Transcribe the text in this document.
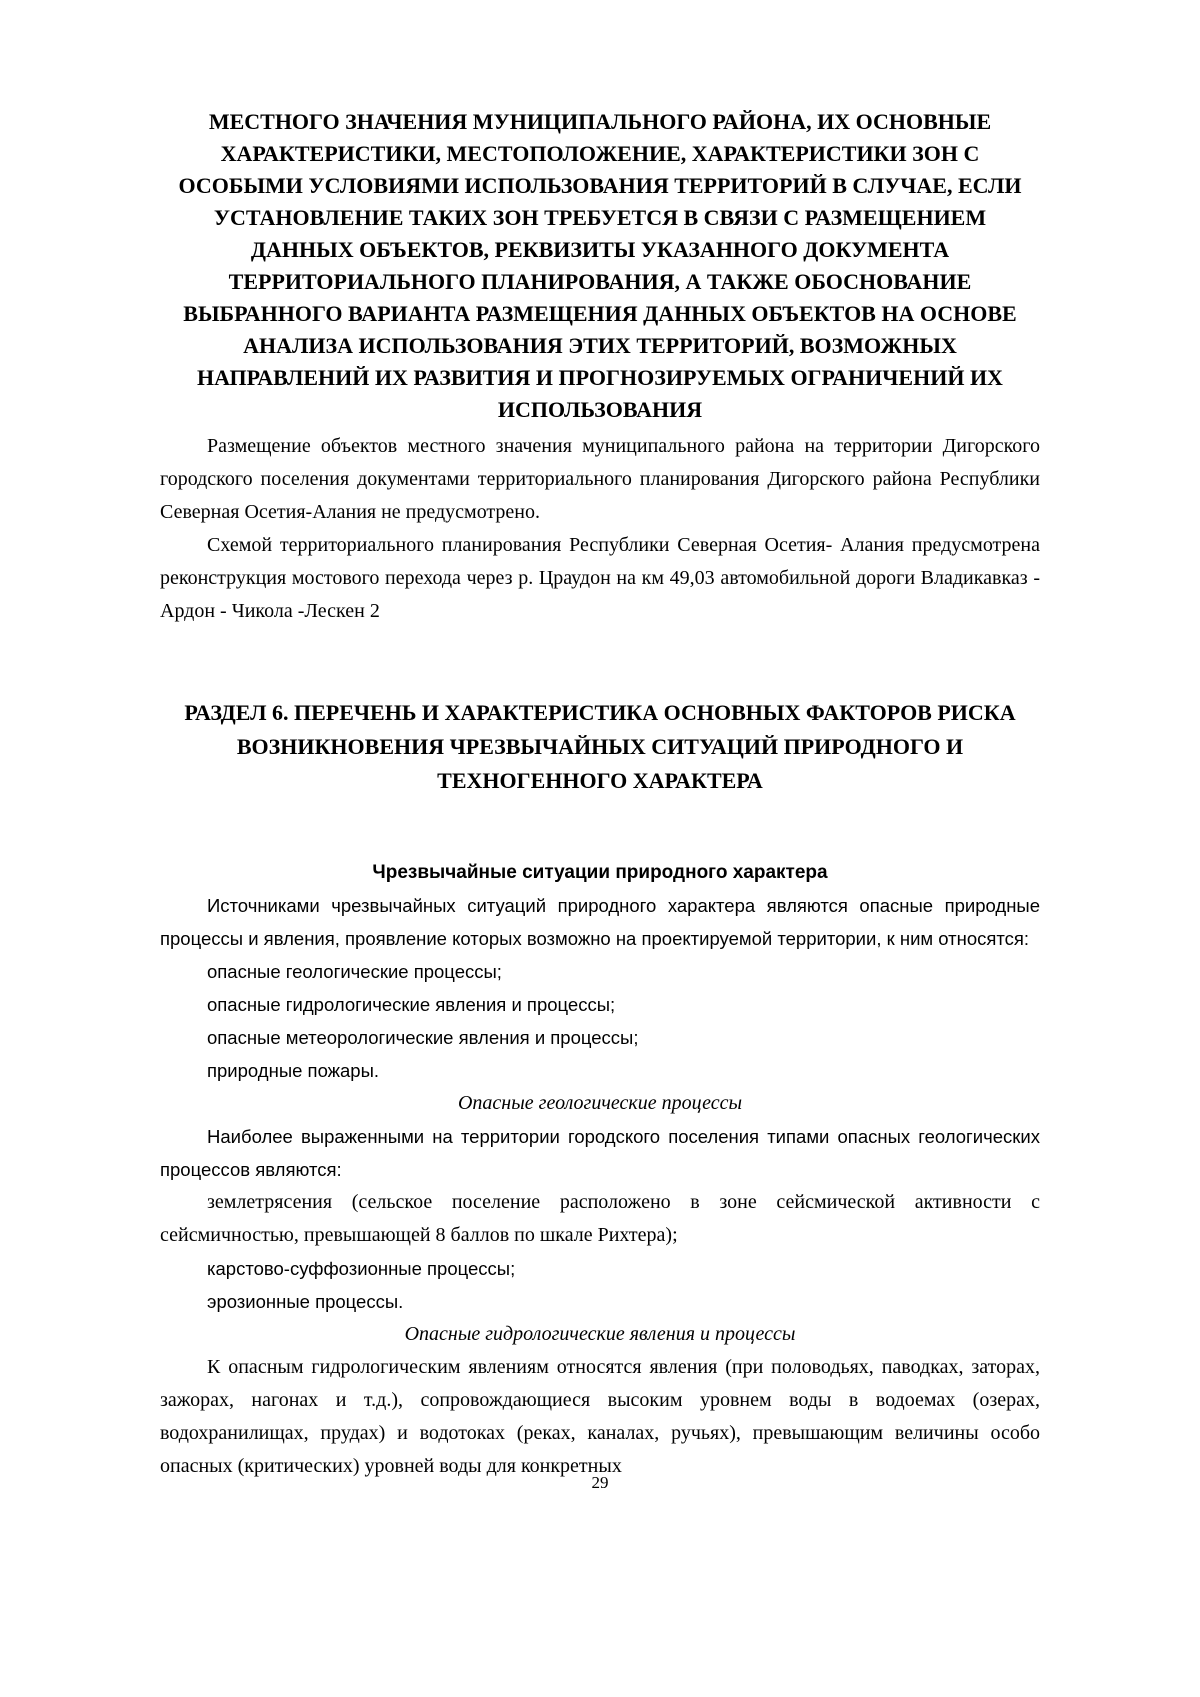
МЕСТНОГО ЗНАЧЕНИЯ МУНИЦИПАЛЬНОГО РАЙОНА, ИХ ОСНОВНЫЕ ХАРАКТЕРИСТИКИ, МЕСТОПОЛОЖЕНИЕ, ХАРАКТЕРИСТИКИ ЗОН С ОСОБЫМИ УСЛОВИЯМИ ИСПОЛЬЗОВАНИЯ ТЕРРИТОРИЙ В СЛУЧАЕ, ЕСЛИ УСТАНОВЛЕНИЕ ТАКИХ ЗОН ТРЕБУЕТСЯ В СВЯЗИ С РАЗМЕЩЕНИЕМ ДАННЫХ ОБЪЕКТОВ, РЕКВИЗИТЫ УКАЗАННОГО ДОКУМЕНТА ТЕРРИТОРИАЛЬНОГО ПЛАНИРОВАНИЯ, А ТАКЖЕ ОБОСНОВАНИЕ ВЫБРАННОГО ВАРИАНТА РАЗМЕЩЕНИЯ ДАННЫХ ОБЪЕКТОВ НА ОСНОВЕ АНАЛИЗА ИСПОЛЬЗОВАНИЯ ЭТИХ ТЕРРИТОРИЙ, ВОЗМОЖНЫХ НАПРАВЛЕНИЙ ИХ РАЗВИТИЯ И ПРОГНОЗИРУЕМЫХ ОГРАНИЧЕНИЙ ИХ ИСПОЛЬЗОВАНИЯ

Размещение объектов местного значения муниципального района на территории Дигорского городского поселения документами территориального планирования Дигорского района Республики Северная Осетия-Алания не предусмотрено.

Схемой территориального планирования Республики Северная Осетия- Алания предусмотрена реконструкция мостового перехода через р. Цраудон на км 49,03 автомобильной дороги Владикавказ - Ардон - Чикола -Лескен 2

РАЗДЕЛ 6. ПЕРЕЧЕНЬ И ХАРАКТЕРИСТИКА ОСНОВНЫХ ФАКТОРОВ РИСКА ВОЗНИКНОВЕНИЯ ЧРЕЗВЫЧАЙНЫХ СИТУАЦИЙ ПРИРОДНОГО И ТЕХНОГЕННОГО ХАРАКТЕРА
Чрезвычайные ситуации природного характера

Источниками чрезвычайных ситуаций природного характера являются опасные природные процессы и явления, проявление которых возможно на проектируемой территории, к ним относятся:

опасные геологические процессы;

опасные гидрологические явления и процессы;

опасные метеорологические явления и процессы;

природные пожары.

Опасные геологические процессы

Наиболее выраженными на территории городского поселения типами опасных геологических процессов являются:

землетрясения (сельское поселение расположено в зоне сейсмической активности с сейсмичностью, превышающей 8 баллов по шкале Рихтера);

карстово-суффозионные процессы;

эрозионные процессы.

Опасные гидрологические явления и процессы

К опасным гидрологическим явлениям относятся явления (при половодьях, паводках, заторах, зажорах, нагонах и т.д.), сопровождающиеся высоким уровнем воды в водоемах (озерах, водохранилищах, прудах) и водотоках (реках, каналах, ручьях), превышающим величины особо опасных (критических) уровней воды для конкретных

29
